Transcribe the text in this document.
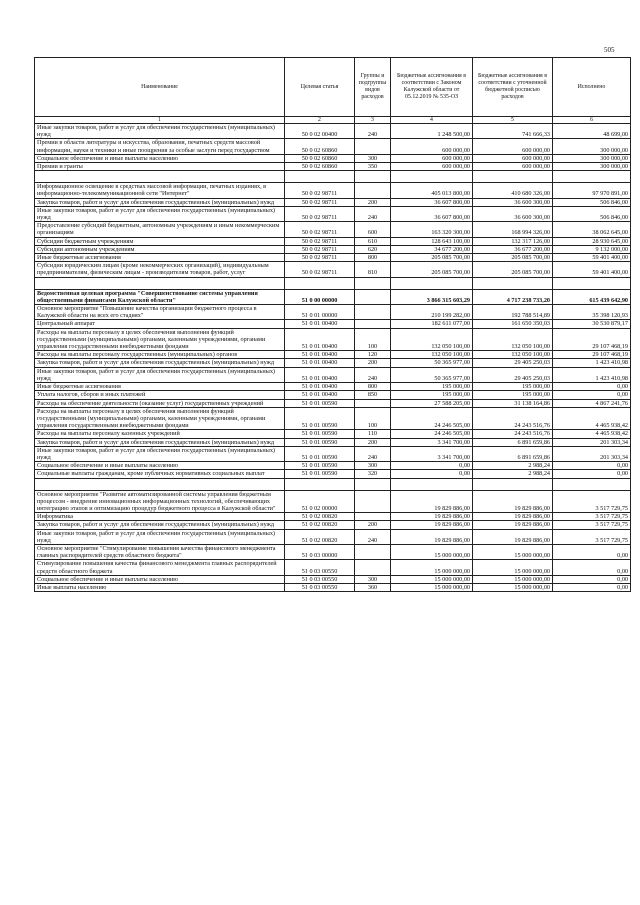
505
Наименование	Целевая статья	Группы и подгруппы видов расходов	Бюджетные ассигнования в соответствии с Законом Калужской области от 05.12.2019 № 535-ОЗ	Бюджетные ассигнования в соответствии с уточненной бюджетной росписью расходов	Исполнено
1	2	3	4	5	6
Иные закупки товаров, работ и услуг для обеспечения государственных (муниципальных) нужд	50 0 02 00400	240	1 248 500,00	741 666,33	48 699,00
Премии в области литературы и искусства, образования, печатных средств массовой информации, науки и техники и иные поощрения за особые заслуги перед государством	50 0 02 60860		600 000,00	600 000,00	300 000,00
Социальное обеспечение и иные выплаты населению	50 0 02 60860	300	600 000,00	600 000,00	300 000,00
Премии и гранты	50 0 02 60860	350	600 000,00	600 000,00	300 000,00

Информационное освещение в средствах массовой информации, печатных изданиях, в информационно-телекоммуникационной сети "Интернет"	50 0 02 98711		405 013 800,00	410 680 326,00	97 970 891,00
Закупка товаров, работ и услуг для обеспечения государственных (муниципальных) нужд	50 0 02 98711	200	36 607 800,00	36 600 300,00	506 846,00
Иные закупки товаров, работ и услуг для обеспечения государственных (муниципальных) нужд	50 0 02 98711	240	36 607 800,00	36 600 300,00	506 846,00
Предоставление субсидий бюджетным, автономным учреждениям и иным некоммерческим организациям	50 0 02 98711	600	163 320 300,00	168 994 326,00	38 062 645,00
Субсидии бюджетным учреждениям	50 0 02 98711	610	128 643 100,00	132 317 126,00	28 930 645,00
Субсидии автономным учреждениям	50 0 02 98711	620	34 677 200,00	36 677 200,00	9 132 000,00
Иные бюджетные ассигнования	50 0 02 98711	800	205 085 700,00	205 085 700,00	59 401 400,00
Субсидии юридическим лицам (кроме некоммерческих организаций), индивидуальным предпринимателям, физическим лицам - производителям товаров, работ, услуг	50 0 02 98711	810	205 085 700,00	205 085 700,00	59 401 400,00

Ведомственная целевая программа "Совершенствование системы управления общественными финансами Калужской области"	51 0 00 00000		3 866 315 603,29	4 717 238 733,20	615 439 642,90
Основное мероприятие "Повышение качества организации бюджетного процесса в Калужской области на всех его стадиях"	51 0 01 00000		210 199 282,00	192 788 514,89	35 398 120,93
Центральный аппарат	51 0 01 00400		182 611 077,00	161 650 350,03	30 530 879,17
Расходы на выплаты персоналу в целях обеспечения выполнения функций государственными (муниципальными) органами, казенными учреждениями, органами управления государственными внебюджетными фондами	51 0 01 00400	100	132 050 100,00	132 050 100,00	29 107 468,19
Расходы на выплаты персоналу государственных (муниципальных) органов	51 0 01 00400	120	132 050 100,00	132 050 100,00	29 107 468,19
Закупка товаров, работ и услуг для обеспечения государственных (муниципальных) нужд	51 0 01 00400	200	50 365 977,00	29 405 250,03	1 423 410,98
Иные закупки товаров, работ и услуг для обеспечения государственных (муниципальных) нужд	51 0 01 00400	240	50 365 977,00	29 405 250,03	1 423 410,98
Иные бюджетные ассигнования	51 0 01 00400	800	195 000,00	195 000,00	0,00
Уплата налогов, сборов и иных платежей	51 0 01 00400	850	195 000,00	195 000,00	0,00
Расходы на обеспечение деятельности (оказание услуг) государственных учреждений	51 0 01 00590		27 588 205,00	31 138 164,86	4 867 241,76
Расходы на выплаты персоналу в целях обеспечения выполнения функций государственными (муниципальными) органами, казенными учреждениями, органами управления государственными внебюджетными фондами	51 0 01 00590	100	24 246 505,00	24 243 516,76	4 465 938,42
Расходы на выплаты персоналу казенных учреждений	51 0 01 00590	110	24 246 505,00	24 243 516,76	4 465 938,42
Закупка товаров, работ и услуг для обеспечения государственных (муниципальных) нужд	51 0 01 00590	200	3 341 700,00	6 891 659,86	201 303,34
Иные закупки товаров, работ и услуг для обеспечения государственных (муниципальных) нужд	51 0 01 00590	240	3 341 700,00	6 891 659,86	201 303,34
Социальное обеспечение и иные выплаты населению	51 0 01 00590	300	0,00	2 988,24	0,00
Социальные выплаты гражданам, кроме публичных нормативных социальных выплат	51 0 01 00590	320	0,00	2 988,24	0,00

Основное мероприятие "Развитие автоматизированной системы управления бюджетным процессом - внедрение инновационных информационных технологий, обеспечивающих интеграцию этапов и оптимизацию процедур бюджетного процесса в Калужской области"	51 0 02 00000		19 829 886,00	19 829 886,00	3 517 729,75
Информатика	51 0 02 00820		19 829 886,00	19 829 886,00	3 517 729,75
Закупка товаров, работ и услуг для обеспечения государственных (муниципальных) нужд	51 0 02 00820	200	19 829 886,00	19 829 886,00	3 517 729,75
Иные закупки товаров, работ и услуг для обеспечения государственных (муниципальных) нужд	51 0 02 00820	240	19 829 886,00	19 829 886,00	3 517 729,75
Основное мероприятие "Стимулирование повышения качества финансового менеджмента главных распорядителей средств областного бюджета"	51 0 03 00000		15 000 000,00	15 000 000,00	0,00
Стимулирование повышения качества финансового менеджмента главных распорядителей средств областного бюджета	51 0 03 00550		15 000 000,00	15 000 000,00	0,00
Социальное обеспечение и иные выплаты населению	51 0 03 00550	300	15 000 000,00	15 000 000,00	0,00
Иные выплаты населению	51 0 03 00550	360	15 000 000,00	15 000 000,00	0,00
